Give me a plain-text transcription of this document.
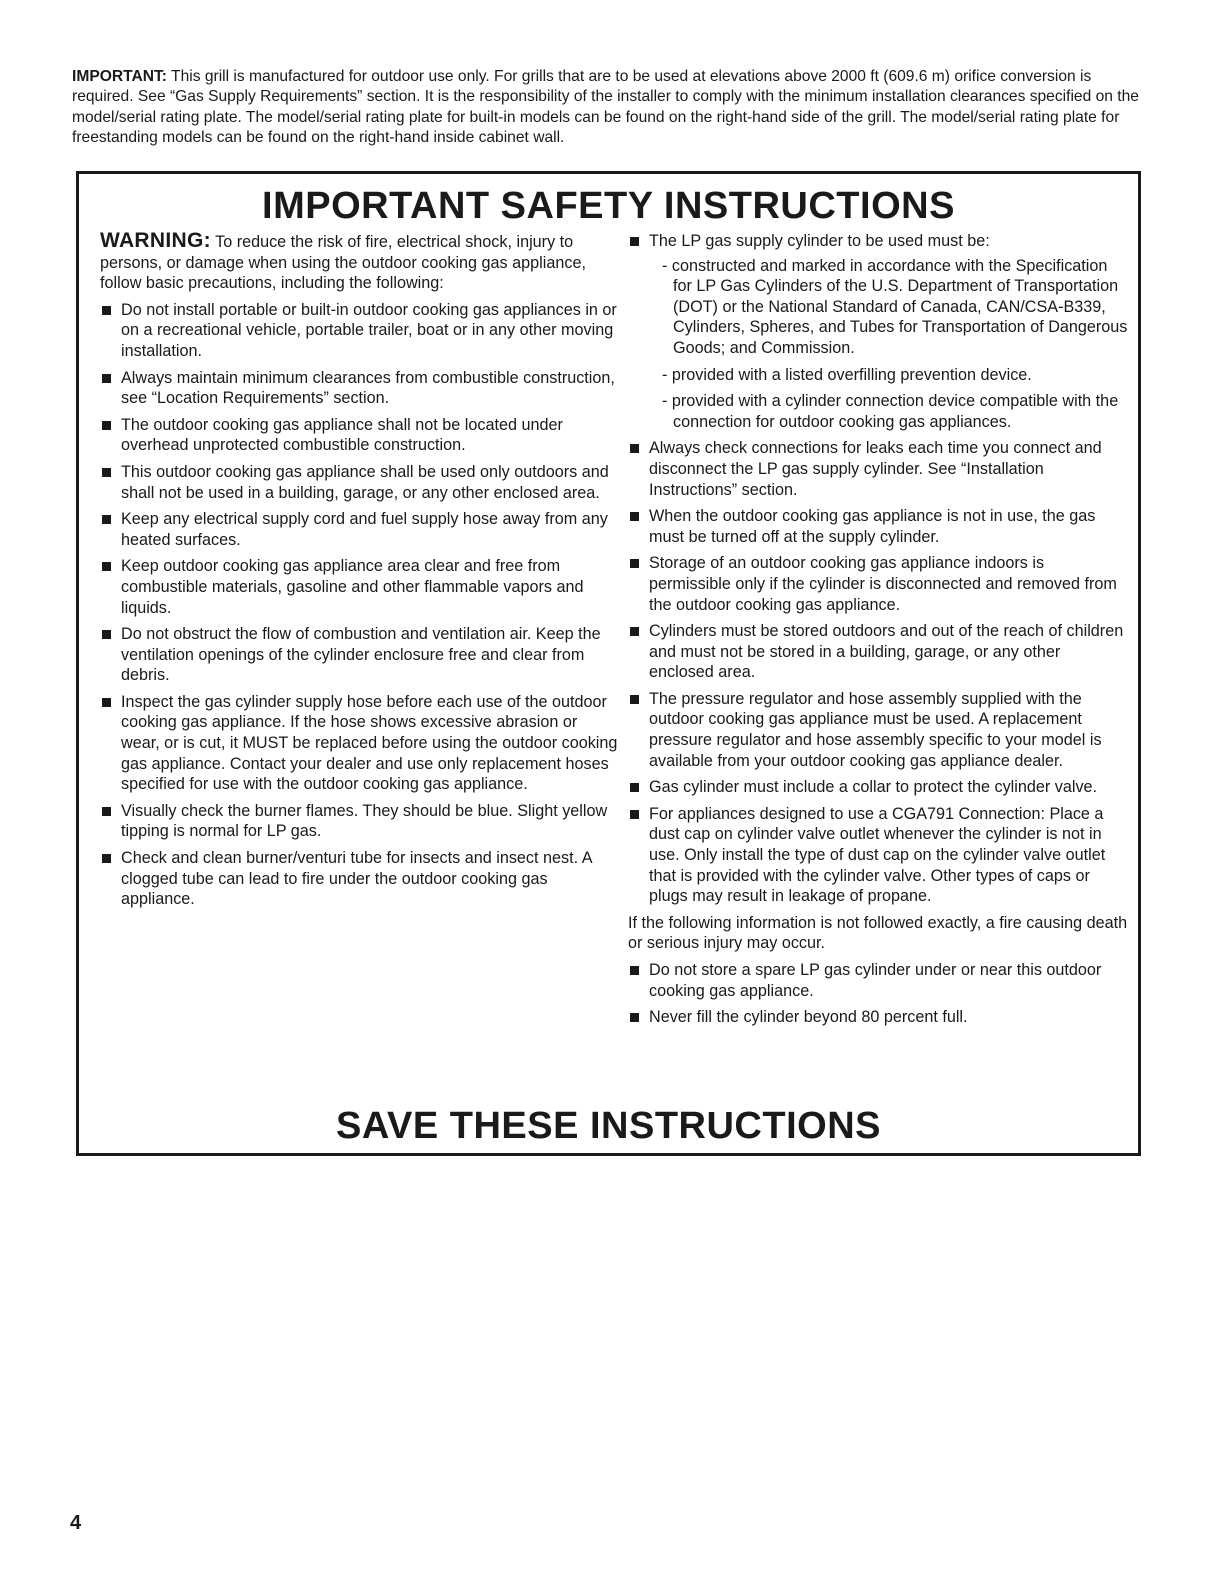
IMPORTANT: This grill is manufactured for outdoor use only. For grills that are to be used at elevations above 2000 ft (609.6 m) orifice conversion is required. See “Gas Supply Requirements” section. It is the responsibility of the installer to comply with the minimum installation clearances specified on the model/serial rating plate. The model/serial rating plate for built-in models can be found on the right-hand side of the grill. The model/serial rating plate for freestanding models can be found on the right-hand inside cabinet wall.
IMPORTANT SAFETY INSTRUCTIONS

WARNING: To reduce the risk of fire, electrical shock, injury to persons, or damage when using the outdoor cooking gas appliance, follow basic precautions, including the following:

Do not install portable or built-in outdoor cooking gas appliances in or on a recreational vehicle, portable trailer, boat or in any other moving installation.
Always maintain minimum clearances from combustible construction, see “Location Requirements” section.
The outdoor cooking gas appliance shall not be located under overhead unprotected combustible construction.
This outdoor cooking gas appliance shall be used only outdoors and shall not be used in a building, garage, or any other enclosed area.
Keep any electrical supply cord and fuel supply hose away from any heated surfaces.
Keep outdoor cooking gas appliance area clear and free from combustible materials, gasoline and other flammable vapors and liquids.
Do not obstruct the flow of combustion and ventilation air. Keep the ventilation openings of the cylinder enclosure free and clear from debris.
Inspect the gas cylinder supply hose before each use of the outdoor cooking gas appliance. If the hose shows excessive abrasion or wear, or is cut, it MUST be replaced before using the outdoor cooking gas appliance. Contact your dealer and use only replacement hoses specified for use with the outdoor cooking gas appliance.
Visually check the burner flames. They should be blue. Slight yellow tipping is normal for LP gas.
Check and clean burner/venturi tube for insects and insect nest. A clogged tube can lead to fire under the outdoor cooking gas appliance.
The LP gas supply cylinder to be used must be:
- constructed and marked in accordance with the Specification for LP Gas Cylinders of the U.S. Department of Transportation (DOT) or the National Standard of Canada, CAN/CSA-B339, Cylinders, Spheres, and Tubes for Transportation of Dangerous Goods; and Commission.
- provided with a listed overfilling prevention device.
- provided with a cylinder connection device compatible with the connection for outdoor cooking gas appliances.
Always check connections for leaks each time you connect and disconnect the LP gas supply cylinder. See “Installation Instructions” section.
When the outdoor cooking gas appliance is not in use, the gas must be turned off at the supply cylinder.
Storage of an outdoor cooking gas appliance indoors is permissible only if the cylinder is disconnected and removed from the outdoor cooking gas appliance.
Cylinders must be stored outdoors and out of the reach of children and must not be stored in a building, garage, or any other enclosed area.
The pressure regulator and hose assembly supplied with the outdoor cooking gas appliance must be used. A replacement pressure regulator and hose assembly specific to your model is available from your outdoor cooking gas appliance dealer.
Gas cylinder must include a collar to protect the cylinder valve.
For appliances designed to use a CGA791 Connection: Place a dust cap on cylinder valve outlet whenever the cylinder is not in use. Only install the type of dust cap on the cylinder valve outlet that is provided with the cylinder valve. Other types of caps or plugs may result in leakage of propane.

If the following information is not followed exactly, a fire causing death or serious injury may occur.

Do not store a spare LP gas cylinder under or near this outdoor cooking gas appliance.
Never fill the cylinder beyond 80 percent full.
SAVE THESE INSTRUCTIONS
4
